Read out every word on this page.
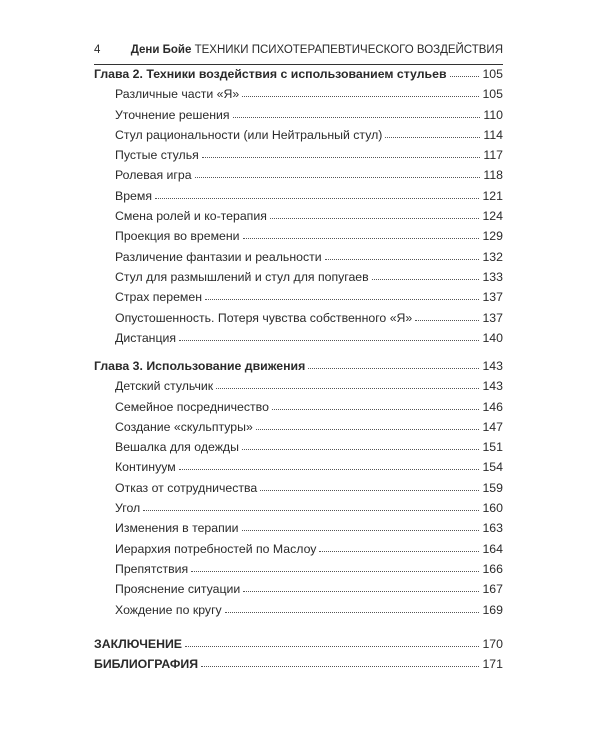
4	Дени Бойе ТЕХНИКИ ПСИХОТЕРАПЕВТИЧЕСКОГО ВОЗДЕЙСТВИЯ
Глава 2. Техники воздействия с использованием стульев	105
Различные части «Я»	105
Уточнение решения	110
Стул рациональности (или Нейтральный стул)	114
Пустые стулья	117
Ролевая игра	118
Время	121
Смена ролей и ко-терапия	124
Проекция во времени	129
Различение фантазии и реальности	132
Стул для размышлений и стул для попугаев	133
Страх перемен	137
Опустошенность. Потеря чувства собственного «Я»	137
Дистанция	140
Глава 3. Использование движения	143
Детский стульчик	143
Семейное посредничество	146
Создание «скульптуры»	147
Вешалка для одежды	151
Континуум	154
Отказ от сотрудничества	159
Угол	160
Изменения в терапии	163
Иерархия потребностей по Маслоу	164
Препятствия	166
Прояснение ситуации	167
Хождение по кругу	169
ЗАКЛЮЧЕНИЕ	170
БИБЛИОГРАФИЯ	171
